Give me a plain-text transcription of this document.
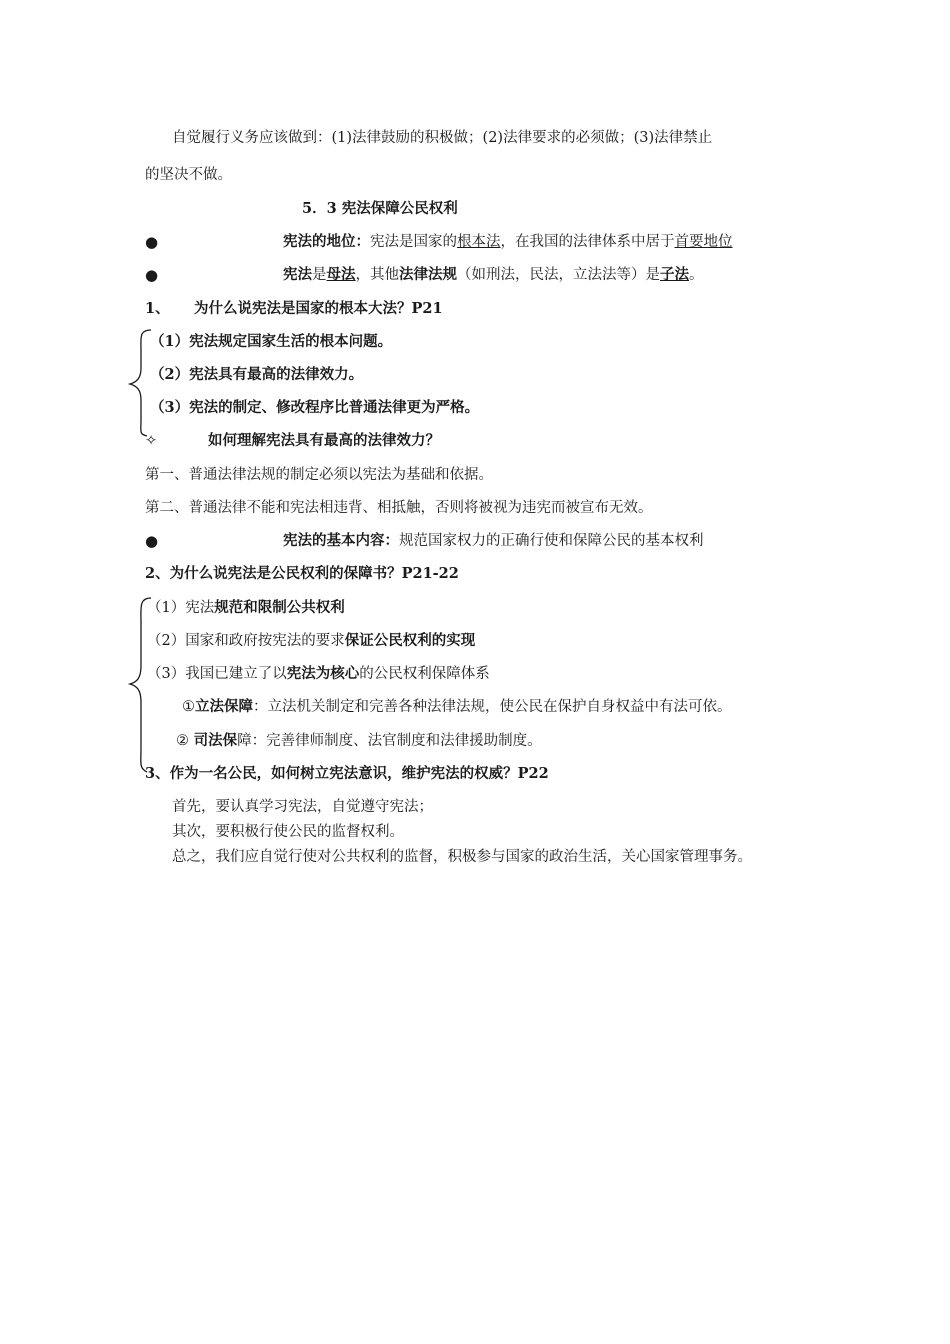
自觉履行义务应该做到：(1)法律鼓励的积极做；(2)法律要求的必须做；(3)法律禁止
的坚决不做。
5．3 宪法保障公民权利
●	宪法的地位：宪法是国家的根本法，在我国的法律体系中居于首要地位
●	宪法是母法，其他法律法规（如刑法，民法，立法法等）是子法。
1、 为什么说宪法是国家的根本大法？P21
（1）宪法规定国家生活的根本问题。
（2）宪法具有最高的法律效力。
（3）宪法的制定、修改程序比普通法律更为严格。
✧	如何理解宪法具有最高的法律效力？
第一、普通法律法规的制定必须以宪法为基础和依据。
第二、普通法律不能和宪法相违背、相抵触，否则将被视为违宪而被宣布无效。
●	宪法的基本内容：规范国家权力的正确行使和保障公民的基本权利
2、为什么说宪法是公民权利的保障书？P21-22
（1）宪法规范和限制公共权利
（2）国家和政府按宪法的要求保证公民权利的实现
（3）我国已建立了以宪法为核心的公民权利保障体系
①立法保障：立法机关制定和完善各种法律法规，使公民在保护自身权益中有法可依。
② 司法保障：完善律师制度、法官制度和法律援助制度。
3、作为一名公民，如何树立宪法意识，维护宪法的权威？P22
首先，要认真学习宪法，自觉遵守宪法；
其次，要积极行使公民的监督权利。
总之，我们应自觉行使对公共权利的监督，积极参与国家的政治生活，关心国家管理事务。
